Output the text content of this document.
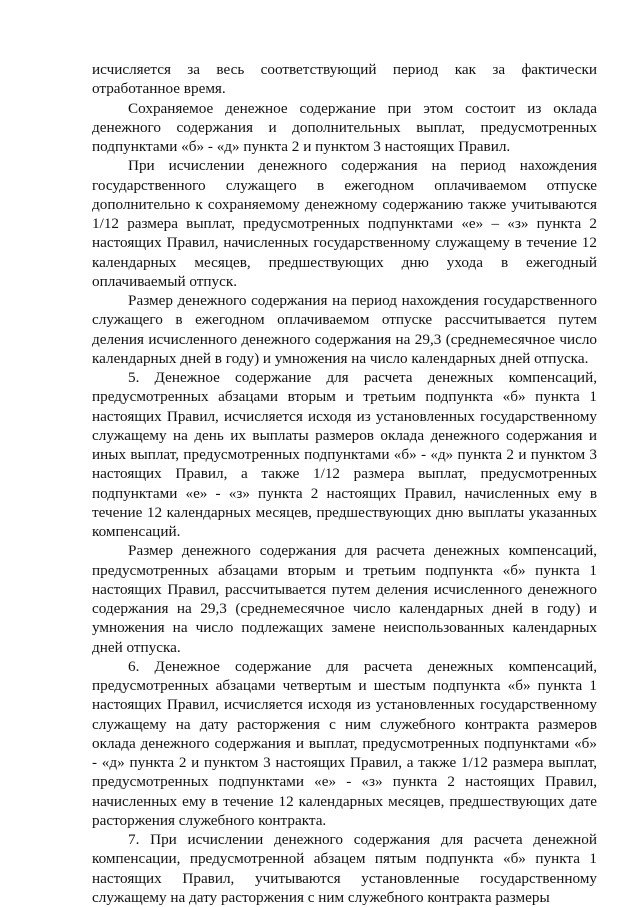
исчисляется за весь соответствующий период как за фактически отработанное время.

Сохраняемое денежное содержание при этом состоит из оклада денежного содержания и дополнительных выплат, предусмотренных подпунктами «б» - «д» пункта 2 и пунктом 3 настоящих Правил.

При исчислении денежного содержания на период нахождения государственного служащего в ежегодном оплачиваемом отпуске дополнительно к сохраняемому денежному содержанию также учитываются 1/12 размера выплат, предусмотренных подпунктами «е» – «з» пункта 2 настоящих Правил, начисленных государственному служащему в течение 12 календарных месяцев, предшествующих дню ухода в ежегодный оплачиваемый отпуск.

Размер денежного содержания на период нахождения государственного служащего в ежегодном оплачиваемом отпуске рассчитывается путем деления исчисленного денежного содержания на 29,3 (среднемесячное число календарных дней в году) и умножения на число календарных дней отпуска.

5. Денежное содержание для расчета денежных компенсаций, предусмотренных абзацами вторым и третьим подпункта «б» пункта 1 настоящих Правил, исчисляется исходя из установленных государственному служащему на день их выплаты размеров оклада денежного содержания и иных выплат, предусмотренных подпунктами «б» - «д» пункта 2 и пунктом 3 настоящих Правил, а также 1/12 размера выплат, предусмотренных подпунктами «е» - «з» пункта 2 настоящих Правил, начисленных ему в течение 12 календарных месяцев, предшествующих дню выплаты указанных компенсаций.

Размер денежного содержания для расчета денежных компенсаций, предусмотренных абзацами вторым и третьим подпункта «б» пункта 1 настоящих Правил, рассчитывается путем деления исчисленного денежного содержания на 29,3 (среднемесячное число календарных дней в году) и умножения на число подлежащих замене неиспользованных календарных дней отпуска.

6. Денежное содержание для расчета денежных компенсаций, предусмотренных абзацами четвертым и шестым подпункта «б» пункта 1 настоящих Правил, исчисляется исходя из установленных государственному служащему на дату расторжения с ним служебного контракта размеров оклада денежного содержания и выплат, предусмотренных подпунктами «б» - «д» пункта 2 и пунктом 3 настоящих Правил, а также 1/12 размера выплат, предусмотренных подпунктами «е» - «з» пункта 2 настоящих Правил, начисленных ему в течение 12 календарных месяцев, предшествующих дате расторжения служебного контракта.

7. При исчислении денежного содержания для расчета денежной компенсации, предусмотренной абзацем пятым подпункта «б» пункта 1 настоящих Правил, учитываются установленные государственному служащему на дату расторжения с ним служебного контракта размеры
